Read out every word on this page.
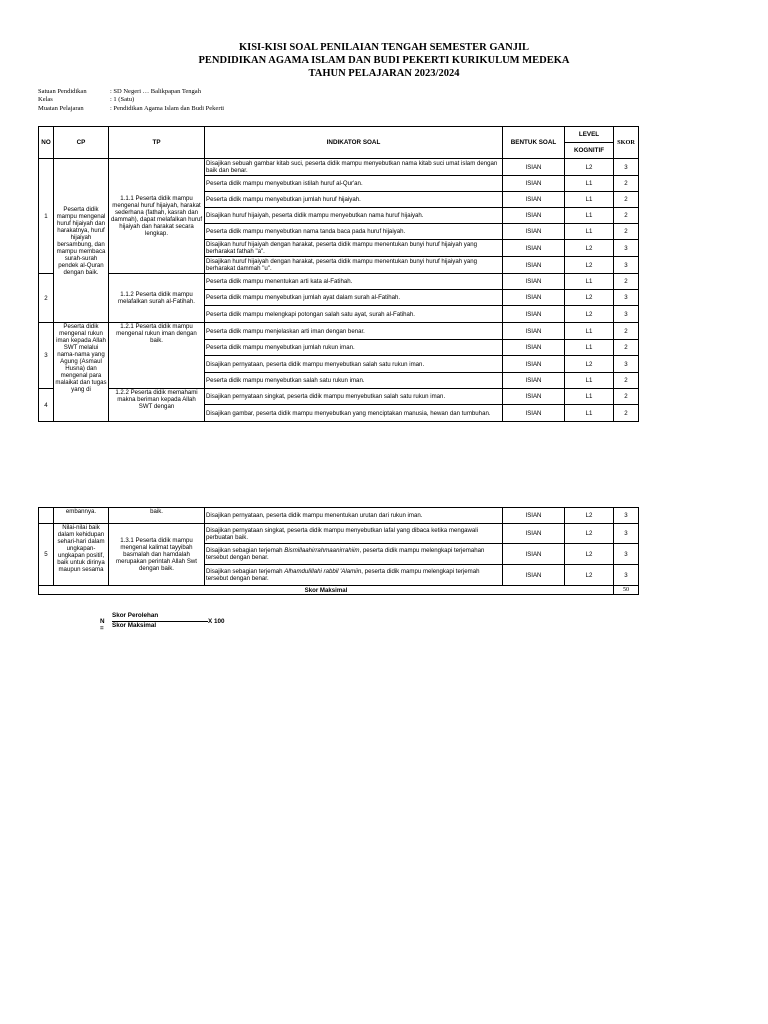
KISI-KISI SOAL PENILAIAN TENGAH SEMESTER GANJIL
PENDIDIKAN AGAMA ISLAM DAN BUDI PEKERTI KURIKULUM MEDEKA
TAHUN PELAJARAN 2023/2024
Satuan Pendidikan	: SD Negeri … Balikpapan Tengah
Kelas	: 1 (Satu)
Muatan Pelajaran	: Pendidikan Agama Islam dan Budi Pekerti
NO	CP	TP	INDIKATOR SOAL	BENTUK SOAL	LEVEL	SKOR
					KOGNITIF	
1	Peserta didik mampu mengenal huruf hijaiyah dan harakatnya, huruf hijaiyah bersambung, dan mampu membaca surah-surah pendek al-Quran dengan baik.	1.1.1 Peserta didik mampu mengenal huruf hijaiyah, harakat sederhana (fathah, kasrah dan dammah), dapat melafalkan huruf hijaiyah dan harakat secara lengkap.	Disajikan sebuah gambar kitab suci, peserta didik mampu menyebutkan nama kitab suci umat islam dengan baik dan benar.	ISIAN	L2	3
			Peserta didik mampu menyebutkan istilah huruf al-Qur'an.	ISIAN	L1	2
			Peserta didik mampu menyebutkan jumlah huruf hijaiyah.	ISIAN	L1	2
			Disajikan huruf hijaiyah, peserta didik mampu menyebutkan nama huruf hijaiyah.	ISIAN	L1	2
			Peserta didik mampu menyebutkan nama tanda baca pada huruf hijaiyah.	ISIAN	L1	2
			Disajikan huruf hijaiyah dengan harakat, peserta didik mampu menentukan bunyi huruf hijaiyah yang berharakat fathah "a".	ISIAN	L2	3
			Disajikan huruf hijaiyah dengan harakat, peserta didik mampu menentukan bunyi huruf hijaiyah yang berharakat dammah "u".	ISIAN	L2	3
2		1.1.2 Peserta didik mampu melafalkan surah al-Fatihah.	Peserta didik mampu menentukan arti kata al-Fatihah.	ISIAN	L1	2
			Peserta didik mampu menyebutkan jumlah ayat dalam surah al-Fatihah.	ISIAN	L2	3
			Peserta didik mampu melengkapi potongan salah satu ayat, surah al-Fatihah.	ISIAN	L2	3
3	Peserta didik mengenal rukun iman kepada Allah SWT melalui nama-nama yang Agung (Asmaul Husna) dan mengenal para malaikat dan tugas yang di	1.2.1 Peserta didik mampu mengenal rukun iman dengan baik.	Peserta didik mampu menjelaskan arti iman dengan benar.	ISIAN	L1	2
			Peserta didik mampu menyebutkan jumlah rukun iman.	ISIAN	L1	2
			Disajikan pernyataan, peserta didik mampu menyebutkan salah satu rukun iman.	ISIAN	L2	3
			Peserta didik mampu menyebutkan salah satu rukun iman.	ISIAN	L1	2
4		1.2.2 Peserta didik memahami makna beriman kepada Allah SWT dengan	Disajikan pernyataan singkat, peserta didik mampu menyebutkan salah satu rukun iman.	ISIAN	L1	2
			Disajikan gambar, peserta didik mampu menyebutkan yang menciptakan manusia, hewan dan tumbuhan.	ISIAN	L1	2
	embannya.	baik.	Disajikan pernyataan, peserta didik mampu menentukan urutan dari rukun iman.	ISIAN	L2	3
5	Nilai-nilai baik dalam kehidupan sehari-hari dalam ungkapan-ungkapan positif, baik untuk dirinya maupun sesama	1.3.1 Peserta didik mampu mengenal kalimat tayyibah basmalah dan hamdalah merupakan perintah Allah Swt dengan baik.	Disajikan pernyataan singkat, peserta didik mampu menyebutkan lafal yang dibaca ketika mengawali perbuatan baik.	ISIAN	L2	3
			Disajikan sebagian terjemah Bismillaahirrahmaanirrahiim, peserta didik mampu melengkapi terjemahan tersebut dengan benar.	ISIAN	L2	3
			Disajikan sebagian terjemah Alhamdulillahi rabbil 'Alamiin, peserta didik mampu melengkapi terjemah tersebut dengan benar.	ISIAN	L2	3
Skor Maksimal						50
N =
Skor Perolehan
Skor Maksimal
X 100
